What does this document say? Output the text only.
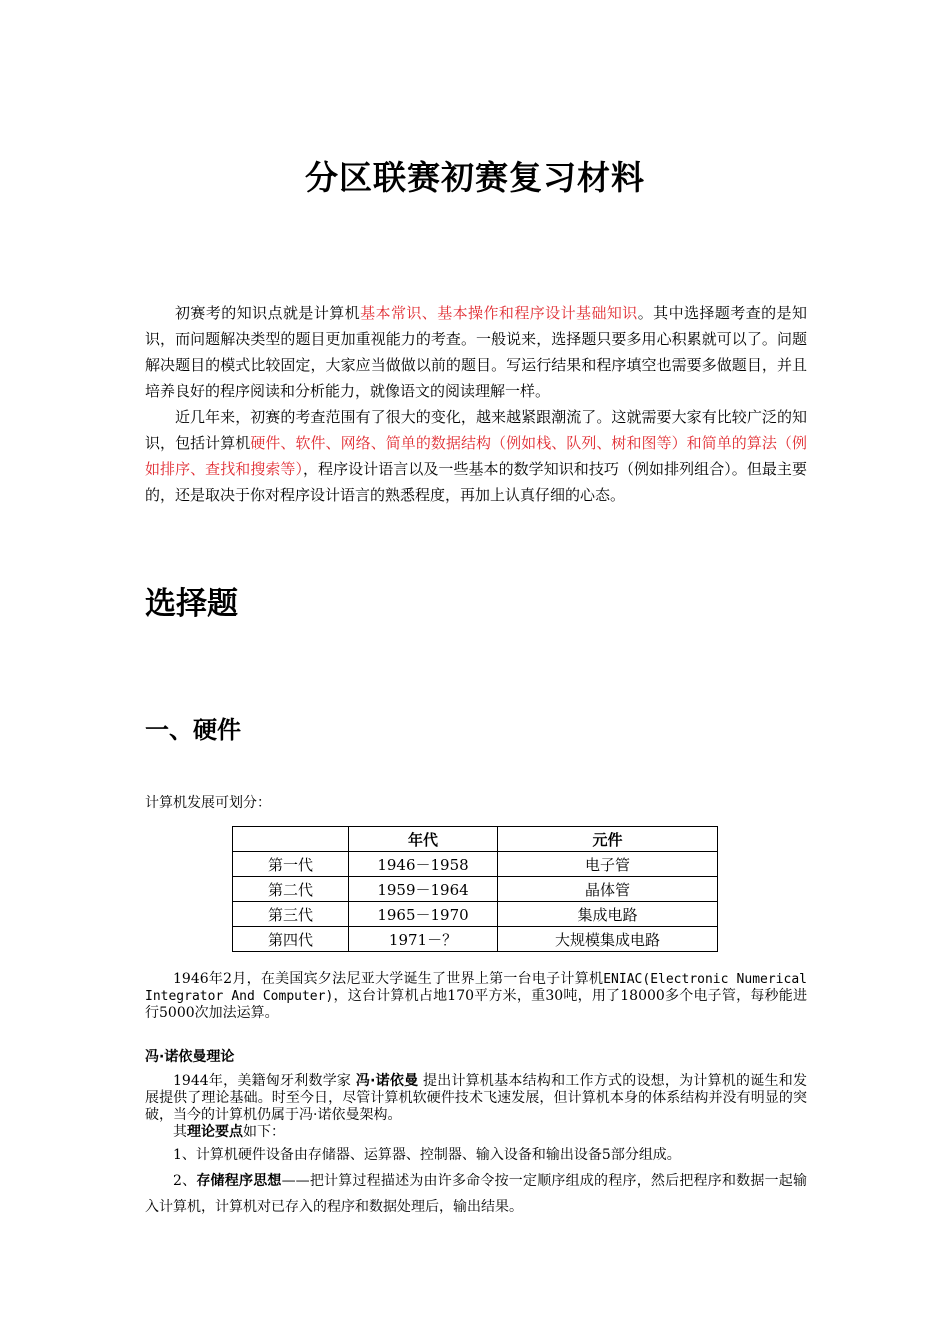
分区联赛初赛复习材料

初赛考的知识点就是计算机基本常识、基本操作和程序设计基础知识。其中选择题考查的是知识，而问题解决类型的题目更加重视能力的考查。一般说来，选择题只要多用心积累就可以了。问题解决题目的模式比较固定，大家应当做做以前的题目。写运行结果和程序填空也需要多做题目，并且培养良好的程序阅读和分析能力，就像语文的阅读理解一样。

近几年来，初赛的考查范围有了很大的变化，越来越紧跟潮流了。这就需要大家有比较广泛的知识，包括计算机硬件、软件、网络、简单的数据结构（例如栈、队列、树和图等）和简单的算法（例如排序、查找和搜索等），程序设计语言以及一些基本的数学知识和技巧（例如排列组合）。但最主要的，还是取决于你对程序设计语言的熟悉程度，再加上认真仔细的心态。

选择题
一、硬件

计算机发展可划分：

	年代	元件
第一代	1946－1958	电子管
第二代	1959－1964	晶体管
第三代	1965－1970	集成电路
第四代	1971－？	大规模集成电路

1946年2月，在美国宾夕法尼亚大学诞生了世界上第一台电子计算机ENIAC(Electronic Numerical Integrator And Computer)，这台计算机占地170平方米，重30吨，用了18000多个电子管，每秒能进行5000次加法运算。

冯·诺依曼理论

1944年，美籍匈牙利数学家 冯·诺依曼 提出计算机基本结构和工作方式的设想，为计算机的诞生和发展提供了理论基础。时至今日，尽管计算机软硬件技术飞速发展，但计算机本身的体系结构并没有明显的突破，当今的计算机仍属于冯·诺依曼架构。

其理论要点如下：

1、计算机硬件设备由存储器、运算器、控制器、输入设备和输出设备5部分组成。

2、存储程序思想——把计算过程描述为由许多命令按一定顺序组成的程序，然后把程序和数据一起输入计算机，计算机对已存入的程序和数据处理后，输出结果。
